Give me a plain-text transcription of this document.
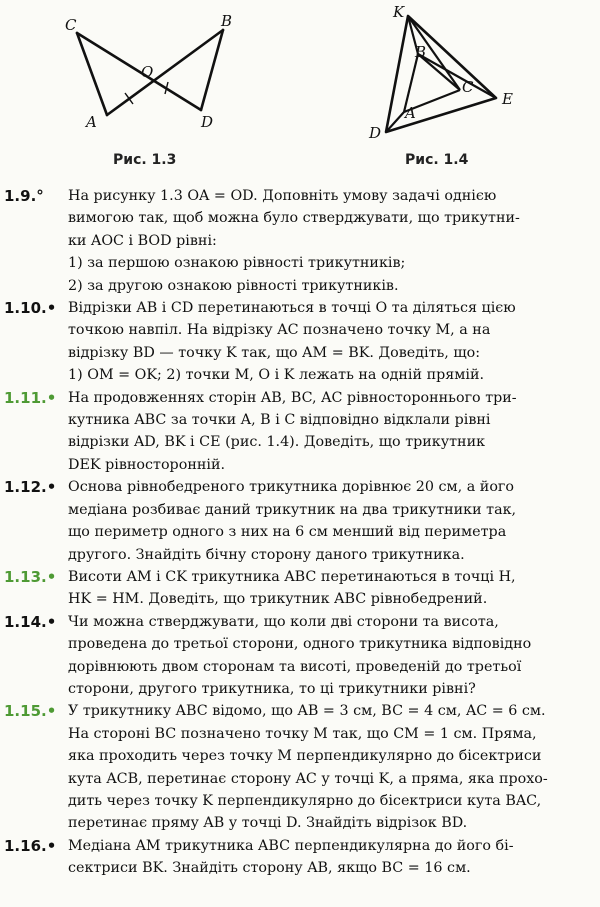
C	B
O
A	D
Рис. 1.3
K
B
C
E
A
D
Рис. 1.4
1.9.° На рисунку 1.3 OA = OD. Доповніть умову задачі однією
вимогою так, щоб можна було стверджувати, що трикутни-
ки AOC і BOD рівні:
1) за першою ознакою рівності трикутників;
2) за другою ознакою рівності трикутників.
1.10.• Відрізки AB і CD перетинаються в точці O та діляться цією
точкою навпіл. На відрізку AC позначено точку M, а на
відрізку BD — точку K так, що AM = BK. Доведіть, що:
1) OM = OK; 2) точки M, O і K лежать на одній прямій.
1.11.• На продовженнях сторін AB, BC, AC рівностороннього три-
кутника ABC за точки A, B і C відповідно відклали рівні
відрізки AD, BK і CE (рис. 1.4). Доведіть, що трикутник
DEK рівносторонній.
1.12.• Основа рівнобедреного трикутника дорівнює 20 см, а його
медіана розбиває даний трикутник на два трикутники так,
що периметр одного з них на 6 см менший від периметра
другого. Знайдіть бічну сторону даного трикутника.
1.13.• Висоти AM і CK трикутника ABC перетинаються в точці H,
HK = HM. Доведіть, що трикутник ABC рівнобедрений.
1.14.• Чи можна стверджувати, що коли дві сторони та висота,
проведена до третьої сторони, одного трикутника відповідно
дорівнюють двом сторонам та висоті, проведеній до третьої
сторони, другого трикутника, то ці трикутники рівні?
1.15.• У трикутнику ABC відомо, що AB = 3 см, BC = 4 см, AC = 6 см.
На стороні BC позначено точку M так, що CM = 1 см. Пряма,
яка проходить через точку M перпендикулярно до бісектриси
кута ACB, перетинає сторону AC у точці K, а пряма, яка прохо-
дить через точку K перпендикулярно до бісектриси кута BAC,
перетинає пряму AB у точці D. Знайдіть відрізок BD.
1.16.• Медіана AM трикутника ABC перпендикулярна до його бі-
сектриси BK. Знайдіть сторону AB, якщо BC = 16 см.
